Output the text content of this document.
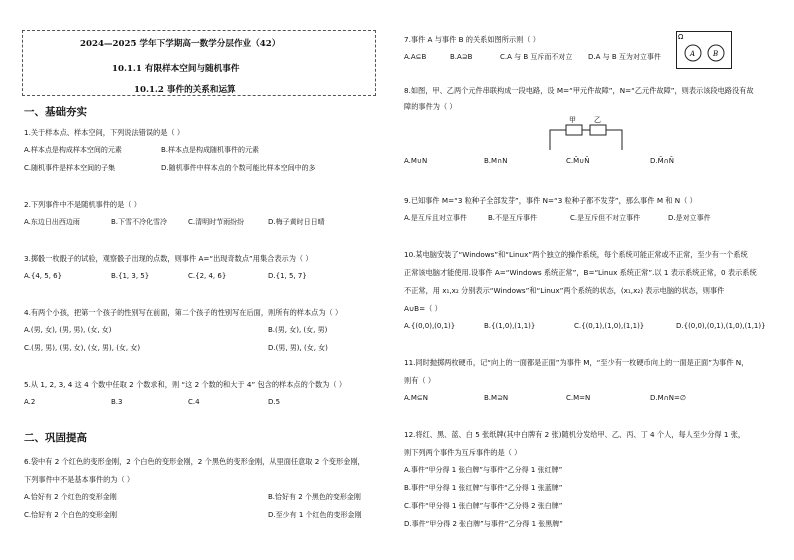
2024—2025 学年下学期高一数学分层作业（42）
10.1.1 有限样本空间与随机事件
10.1.2 事件的关系和运算
一、基础夯实
1.关于样本点、样本空间，下列说法错误的是（ ）
A.样本点是构成样本空间的元素	B.样本点是构成随机事件的元素
C.随机事件是样本空间的子集	D.随机事件中样本点的个数可能比样本空间中的多
2.下列事件中不是随机事件的是（ ）
A.东边日出西边雨	B.下雪不冷化雪冷	C.清明时节雨纷纷	D.梅子黄时日日晴
3.掷骰一枚骰子的试验，观察骰子出现的点数，则事件 A=“出现奇数点”用集合表示为（ ）
A.{4, 5, 6}	B.{1, 3, 5}	C.{2, 4, 6}	D.{1, 5, 7}
4.有两个小孩，把第一个孩子的性别写在前面，第二个孩子的性别写在后面，则所有的样本点为（ ）
A.(男, 女), (男, 男), (女, 女)	B.(男, 女), (女, 男)
C.(男, 男), (男, 女), (女, 男), (女, 女)	D.(男, 男), (女, 女)
5.从 1, 2, 3, 4 这 4 个数中任取 2 个数求和，则 “这 2 个数的和大于 4” 包含的样本点的个数为（ ）
A.2	B.3	C.4	D.5
二、巩固提高
6.袋中有 2 个红色的变形金刚，2 个白色的变形金刚，2 个黑色的变形金刚，从里面任意取 2 个变形金刚，
下列事件中不是基本事件的为（ ）
A.恰好有 2 个红色的变形金刚	B.恰好有 2 个黑色的变形金刚
C.恰好有 2 个白色的变形金刚	D.至少有 1 个红色的变形金刚
7.事件 A 与事件 B 的关系如图所示则（ ）	Ω
A	B
A.A⊆B	B.A⊇B	C.A 与 B 互斥而不对立 D.A 与 B 互为对立事件
8.如图，甲、乙两个元件串联构成一段电路，设 M=“甲元件故障”，N=“乙元件故障”，则表示该段电路没有故
障的事件为（ ）
甲	乙
A.M∪N	B.M∩N	C.M̄∪N̄	D.M̄∩N̄
9.已知事件 M=“3 粒种子全部发芽”，事件 N=“3 粒种子都不发芽”，那么事件 M 和 N（ ）
A.是互斥且对立事件	B.不是互斥事件	C.是互斥但不对立事件	D.是对立事件
10.某电脑安装了“Windows”和“Linux”两个独立的操作系统，每个系统可能正常或不正常，至少有一个系统
正常该电脑才能使用.设事件 A=“Windows 系统正常”，B=“Linux 系统正常”.以 1 表示系统正常，0 表示系统
不正常，用 x₁,x₂ 分别表示“Windows”和“Linux”两个系统的状态，(x₁,x₂) 表示电脑的状态，则事件
A∪B=（ ）
A.{(0,0),(0,1)}	B.{(1,0),(1,1)}	C.{(0,1),(1,0),(1,1)}	D.{(0,0),(0,1),(1,0),(1,1)}
11.同时抛掷两枚硬币，记“向上的一面都是正面”为事件 M，“至少有一枚硬币向上的一面是正面”为事件 N，
则有（ ）
A.M⊆N	B.M⊇N	C.M=N	D.M∩N=∅
12.将红、黑、蓝、白 5 张纸牌(其中白牌有 2 张)随机分发给甲、乙、丙、丁 4 个人，每人至少分得 1 张，
则下列两个事件为互斥事件的是（ ）
A.事件“甲分得 1 张白牌”与事件“乙分得 1 张红牌”
B.事件“甲分得 1 张红牌”与事件“乙分得 1 张蓝牌”
C.事件“甲分得 1 张白牌”与事件“乙分得 2 张白牌”
D.事件“甲分得 2 张白牌”与事件“乙分得 1 张黑牌”
